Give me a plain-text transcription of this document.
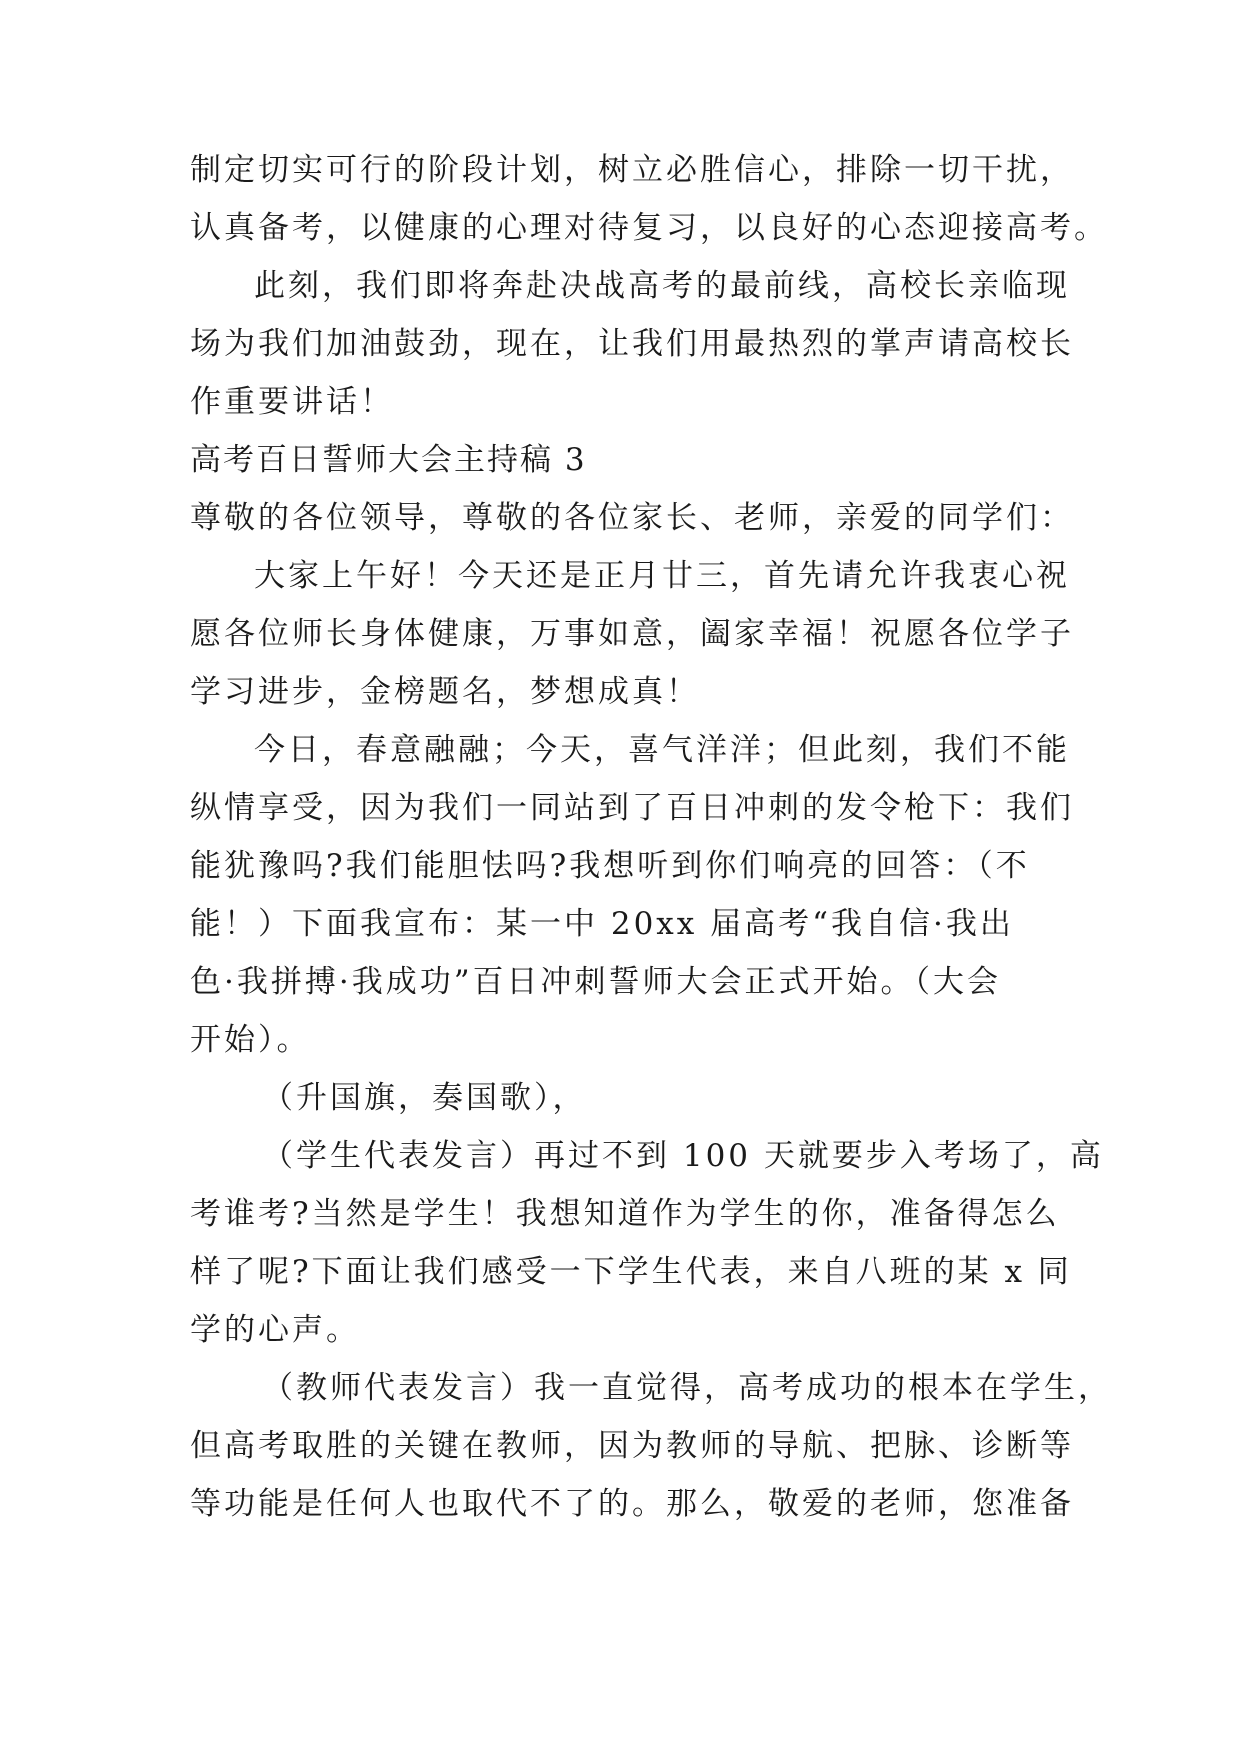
制定切实可行的阶段计划，树立必胜信心，排除一切干扰，
认真备考，以健康的心理对待复习，以良好的心态迎接高考。
此刻，我们即将奔赴决战高考的最前线，高校长亲临现
场为我们加油鼓劲，现在，让我们用最热烈的掌声请高校长
作重要讲话！
高考百日誓师大会主持稿 3
尊敬的各位领导，尊敬的各位家长、老师，亲爱的同学们：
大家上午好！今天还是正月廿三，首先请允许我衷心祝
愿各位师长身体健康，万事如意，阖家幸福！祝愿各位学子
学习进步，金榜题名，梦想成真！
今日，春意融融；今天，喜气洋洋；但此刻，我们不能
纵情享受，因为我们一同站到了百日冲刺的发令枪下：我们
能犹豫吗?我们能胆怯吗?我想听到你们响亮的回答：（不
能！）下面我宣布：某一中 20xx 届高考“我自信·我出
色·我拼搏·我成功”百日冲刺誓师大会正式开始。（大会
开始）。
（升国旗，奏国歌），
（学生代表发言）再过不到 100 天就要步入考场了，高
考谁考?当然是学生！我想知道作为学生的你，准备得怎么
样了呢?下面让我们感受一下学生代表，来自八班的某 x 同
学的心声。
（教师代表发言）我一直觉得，高考成功的根本在学生，
但高考取胜的关键在教师，因为教师的导航、把脉、诊断等
等功能是任何人也取代不了的。那么，敬爱的老师，您准备
